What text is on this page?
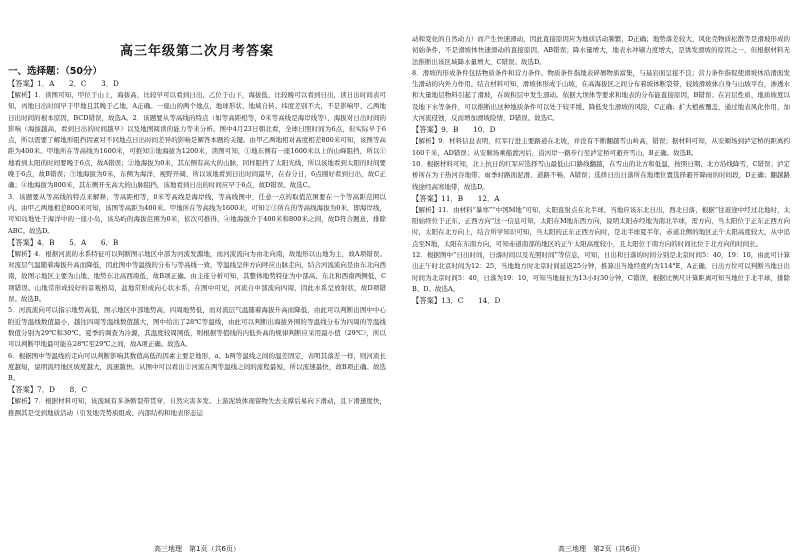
高三年级第二次月考答案
一、选择题：（50分）

【答案】1．A　　2．C　　3．D

【解析】1．读图可知，甲位于山上，海拔高，比较早可以看到日出，乙位于山下，海拔低，比较晚可以看到日出，读日出时间表可知，丙地日出时间早于甲地且其晚于乙地，A正确。一座山的两个地点，地球形状、地域自转、纬度差别不大，不是影响甲、乙两地日出时间的根本原因，BCD错误，故选A。2．该题要从等高线的特点（如等高距相等，0米等高线是海岸线等），海拔对日出时间的影响（海拔越高，看到日出的时间越早）以及地图阅读的能力等来分析。图中4月23日朝北看，全球日照时间为6点，但实际早于6点，所以需要了解地形阻挡因素对不同地点日出时间差异的影响是解答本题的关键。由甲乙两地相对高度相差800米可知，该图等高距为400米。甲地所在等高线为1600米，可推知①地海拔为1200米，读图可知，①地东侧有一座1600米以上的山峰阻挡，所以①地看到太阳的时间要晚于6点，故A错误；②地海拔为0米，其东侧有高大的山脉，同样阻挡了太阳光线，所以该地看到太阳的时间要晚于6点，故B错误；③地海拔为0米，东侧为海洋，视野开阔，所以该地看到日出时间最早，在春分日，6点刚好看到日出，故C正确；④地海拔为800米，其东侧开无高大的山脉阻挡，该地看到日出的时间应早于6点，故D错误。故选C。

3．该题要从等高线的特点来解释，等高距相等，0米等高线是海岸线，等高线图中，任意一点的取值范围要在一个等高距范围以内。由甲乙两地相差800米可知，该图等高距为400米。甲地所在等高线为1600米，可知②③所在的等高线海拔为0米，即海岸线，可知岛地处于海洋中的一座小岛，该岛屿的海拔范围为0米，依次可推得，④地海拔介于400米和800米之间，故D符合题意，排除ABC。故选D。

【答案】4．B　　5．A　　6．B

【解析】4．根据河流的水系特征可以判断图示地区中部为河流发源地，而河流流向为由北向南，故地形以山地为主，故A项错误。对流层气温随着海拔升高而降低，因此图中等温线的分布与等高线一致，等温线呈伴方向呼应山脉走向，结合河流流向是由东北向西南，故图示地区主要为山地、地势东北高西南低，故B项正确。由主连分析可知，其整体地势特征为中部高、东北和西南两侧低，C项错误。山地常形成较好的景观格局，盆地常形成向心状水系，在图中可见，河流自中部流向四周，因此水系呈放射状，故D项错误。故选B。

5．河流流向可以指示地势高低，图示地区中部地势高，四周地势低，而对流层气温随着海拔升高而降低，由此可以判断出图中中心附近等温线数值最小，越往四周等温线数值越大，图中给出了28℃等温线，由此可以判断出海拔外围的等温线分布为四周的等温线数值分别为29℃和30℃。夏季的调查为冷源，其温度较周围低，则根据等值线的内低外高的规律判断应采用最小值（29℃），所以可以判断甲地最可能在28℃至29℃之间，故A项正确。故选A。

6．根据图中等温线的走向可以判断影响其数值高低的因素主要是地形，a、b两等温线之间的温差固定，表明其落差一样，则河流长度越短，说明流经地区坡度越大，流速越快。从图中可以看出②河流在两等温线之间的流程最短，所以流速最快，故B项正确。故选B。

【答案】7．D　　8．C

【解析】7．根据材料可知，该流域有多条断裂带贯穿，自然灾害多发。上游泥坡体现留物失去支撑后易向下滑动，且下滑速度快，推测其是受到地质活动（引发地壳势质组成、内部结构和地表形态运

高三地理　第1页（共6页）

动和变化的自然动力）而产生快速滑动，因此直接原因应为地质活动频繁，D正确；地势落差较大、风化壳物质松散等是滑坡形成的初始条件，不是滑坡体快速滑动的直接原因，AB错误；降水量增大，地表水冲刷力度增大，是诱发滑坡的原因之一，但根据材料无法推断出该区域降水量增大，C错误。故选D。

8．滑坡的形成条件包括物质条件和营力条件。物质条件指地表碎屑物质富集，与基岩面呈接不良；营力条件指促使滑坡体沿滑面发生滑动的内外力作用。结合材料可知，滑坡体形成于山坡，在高海拔区之间分布着坡体断裂带，较坡滑坡体自身与山坡平台，渗透水和大量地层物料引起了滑坡，在坡积层中发生滑动。依据大坝体等要求和地表的分布能直接原因，B错误；在岩层性质、地质坡度以及地下水等条件，可以推断出这种地质条件可以处于较平缓，降低发生滑坡的风险，C正确；扩大植被覆盖，通过地表风化作用，加大河流侵蚀，反而增加滑坡险情，D错误。故选C。

【答案】9．B　　10．D

【解析】9．材料信息表明，红军行进主要路道在北坡，并没有不断翻越雪山岭高，错误；据材料可知，从安顺场到泸定桥的距离约160千米，AD错误；从安顺场乘船渡河后，沿河岸一路步行至泸定桥可避开雪山，B正确。故选B。

10．根据材料可知，北上抗日的红军应选择雪山最低山口路线翻越，在雪山的北方和低温，按照日期、北方沿线降雪，C错误；泸定桥所在为干热河谷地带、雨季时路面泥滑、道路不畅，A错误；选择日出日落所在地理位置选择避开降雨的时间段，D正确；翻越路线途经高寒地带，故选D。

【答案】11．B　　12．A

【解析】11．由材料“暴寒”“中国M地”可知，太阳直射点在北半球，当地应该东北日出，西北日落，根据“往返途中经过北地时，太阳始终位于正东、正西方向”这一信息可知，太阳在M地东西方向，说明太阳赤经地为南北半球，需方向，当太阳位于正东正西方向时，太阳在北方向上，结合所学知识可知，当太阳的正东正西方向时，是北半球夏半年，赤道北侧的地区正午太阳高度较大，从中追点至N地，太阳在东南方向，可知赤道南部的地区的正午太阳高度较小，且太阳位于南方向的时间比位于北方向的时间长。

12．根据图中“日出时间，日落时间以及光照时间”等信息，可知，日出和日落的时间分别是北京时间5：40，19：10，由此可计算出正午时北京时间为12：25，当地地方时北京时间延迟25分钟，推算出当地经度约为114°E，A正确，日出方位可以判断当地日出时间为北京时间5：40，日落为19：10，可知当地昼长为13小时30分钟，C错误，根据比例尺计算距离可知当地位于北半球，排除B、D。故选A。

【答案】13．C　　14．D

高三地理　第2页（共6页）
